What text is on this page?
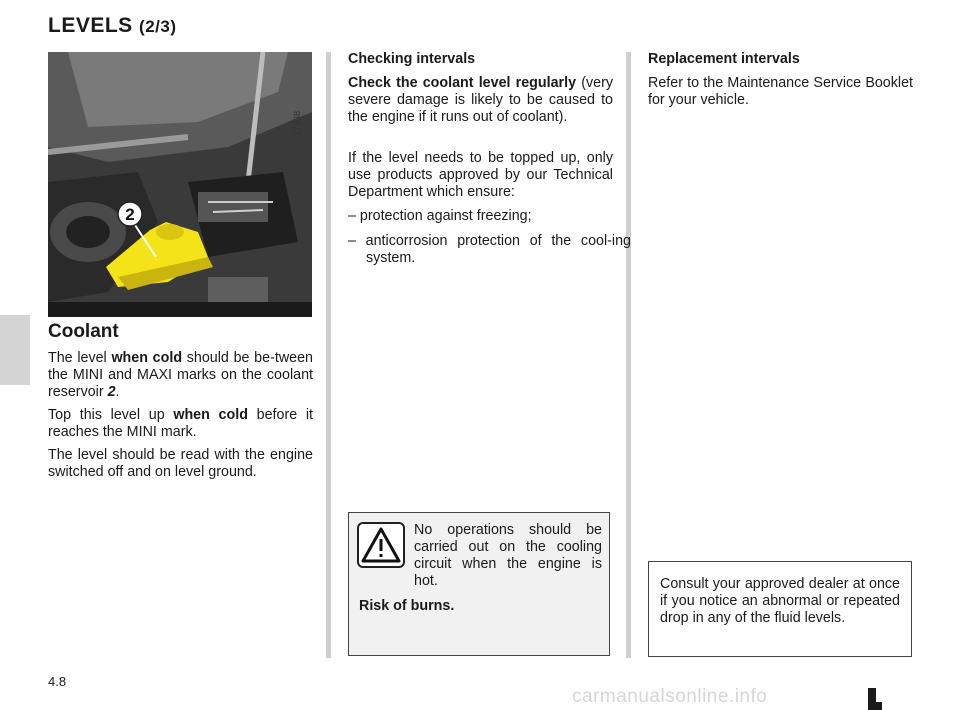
LEVELS (2/3)
2
27338
Coolant
The level when cold should be be-tween the MINI and MAXI marks on the coolant reservoir 2.
Top this level up when cold before it reaches the MINI mark.
The level should be read with the engine switched off and on level ground.
Checking intervals
Check the coolant level regularly (very severe damage is likely to be caused to the engine if it runs out of coolant).
If the level needs to be topped up, only use products approved by our Technical Department which ensure:
– protection against freezing;
– anticorrosion protection of the cool-ing system.
No operations should be carried out on the cooling circuit when the engine is hot.
Risk of burns.
Replacement intervals
Refer to the Maintenance Service Booklet for your vehicle.
Consult your approved dealer at once if you notice an abnormal or repeated drop in any of the fluid levels.
4.8
carmanualsonline.info
